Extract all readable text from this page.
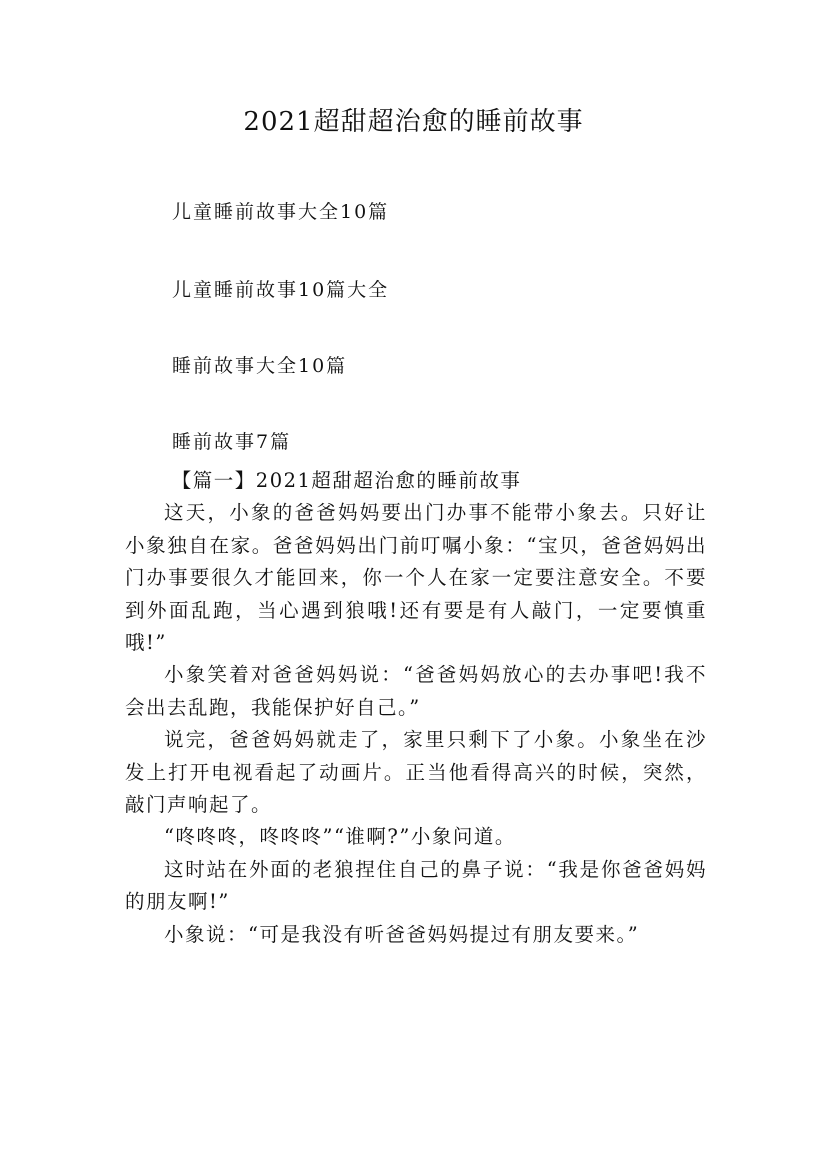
2021超甜超治愈的睡前故事

儿童睡前故事大全10篇

儿童睡前故事10篇大全

睡前故事大全10篇

睡前故事7篇

【篇一】2021超甜超治愈的睡前故事

这天，小象的爸爸妈妈要出门办事不能带小象去。只好让小象独自在家。爸爸妈妈出门前叮嘱小象：“宝贝，爸爸妈妈出门办事要很久才能回来，你一个人在家一定要注意安全。不要到外面乱跑，当心遇到狼哦!还有要是有人敲门，一定要慎重哦!”

小象笑着对爸爸妈妈说：“爸爸妈妈放心的去办事吧!我不会出去乱跑，我能保护好自己。”

说完，爸爸妈妈就走了，家里只剩下了小象。小象坐在沙发上打开电视看起了动画片。正当他看得高兴的时候，突然，敲门声响起了。

“咚咚咚，咚咚咚”“谁啊?”小象问道。

这时站在外面的老狼捏住自己的鼻子说：“我是你爸爸妈妈的朋友啊!”

小象说：“可是我没有听爸爸妈妈提过有朋友要来。”
